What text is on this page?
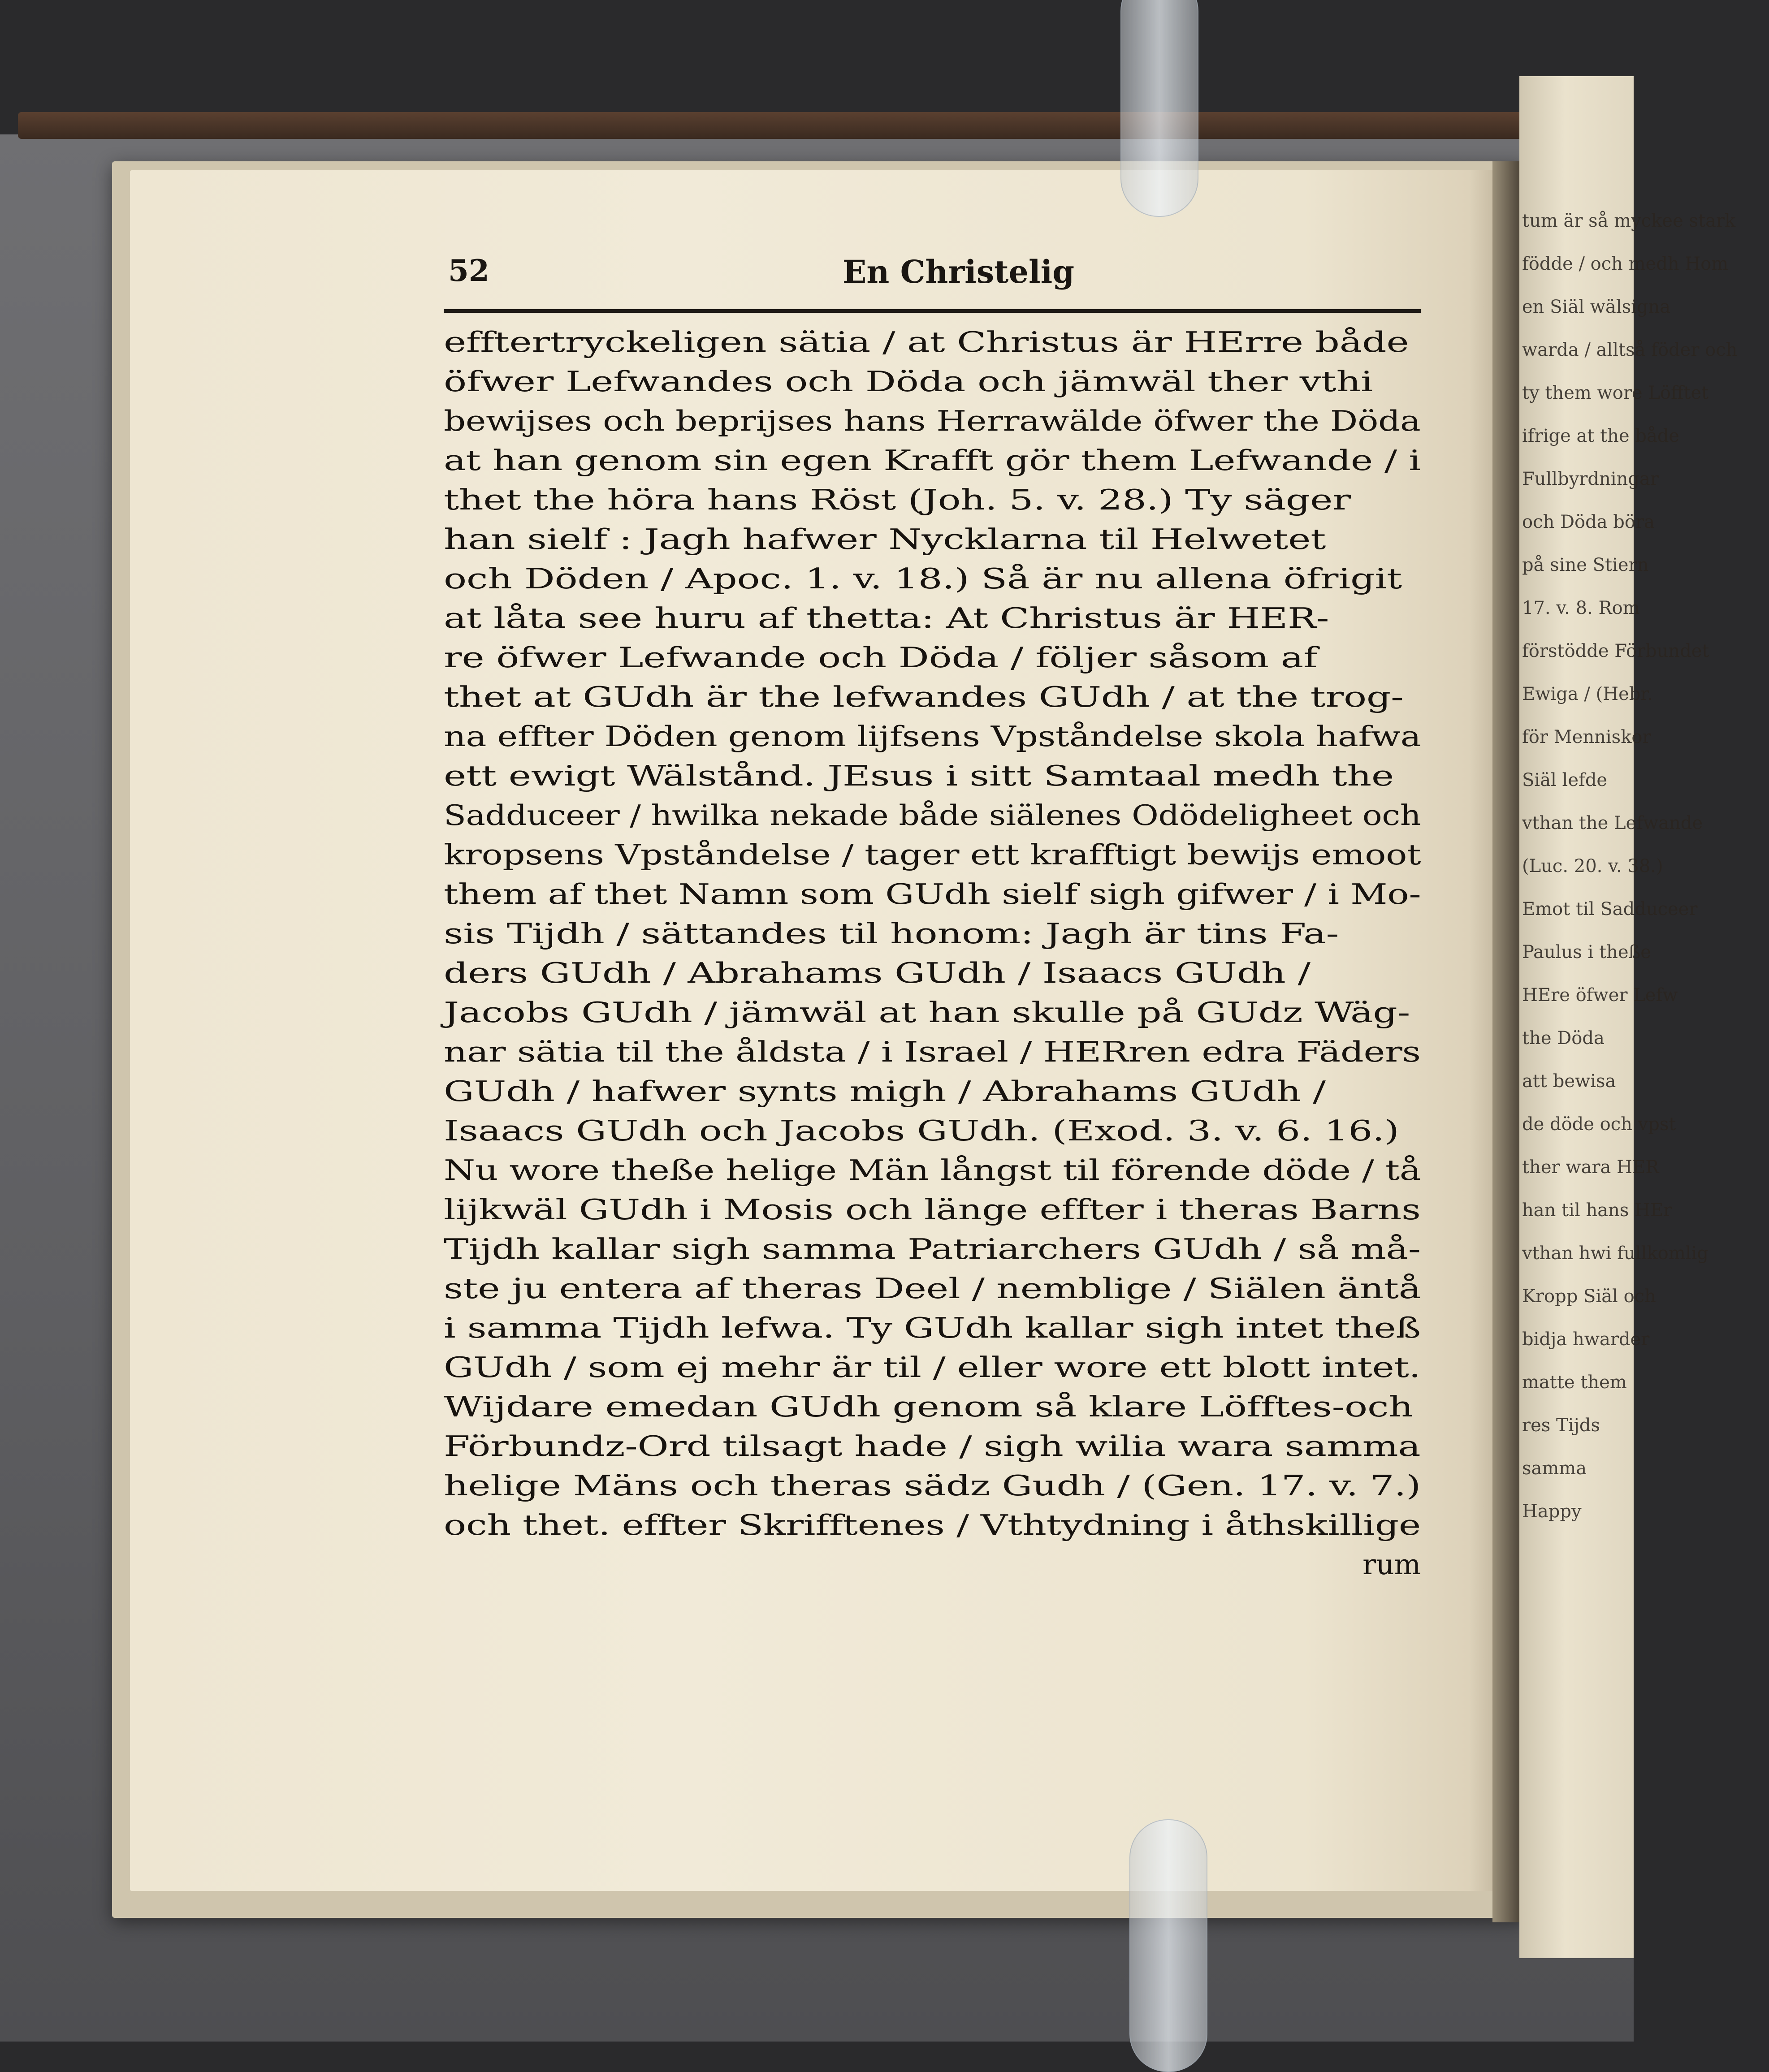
tum är så myckee stark
födde / och medh Hom
en Siäl wälsigna
warda / alltså föder och
ty them wore Löfftet
ifrige at the både
Fullbyrdningar
och Döda böra
på sine Stiern
17. v. 8. Rom
förstödde Förbundet
Ewiga / (Hebr.
för Menniskor
Siäl lefde
vthan the Lefwande
(Luc. 20. v. 38.)
Emot til Sadduceer
Paulus i theße
HEre öfwer Lefw
the Döda
att bewisa
de döde och vpst
ther wara HER
han til hans HEr
vthan hwi fullkomlig
Kropp Siäl och
bidja hwarder
matte them
res Tijds
samma
Happy
52	En Christelig
efftertryckeligen sätia / at Christus är HErre både
öfwer Lefwandes och Döda och jämwäl ther vthi
bewijses och beprijses hans Herrawälde öfwer the Döda
at han genom sin egen Krafft gör them Lefwande / i
thet the höra hans Röst (Joh. 5. v. 28.) Ty säger
han sielf : Jagh hafwer Nycklarna til Helwetet
och Döden / Apoc. 1. v. 18.) Så är nu allena öfrigit
at låta see huru af thetta: At Christus är HER-
re öfwer Lefwande och Döda / följer såsom af
thet at GUdh är the lefwandes GUdh / at the trog-
na effter Döden genom lijfsens Vpståndelse skola hafwa
ett ewigt Wälstånd. JEsus i sitt Samtaal medh the
Sadduceer / hwilka nekade både siälenes Odödeligheet och
kropsens Vpståndelse / tager ett krafftigt bewijs emoot
them af thet Namn som GUdh sielf sigh gifwer / i Mo-
sis Tijdh / sättandes til honom: Jagh är tins Fa-
ders GUdh / Abrahams GUdh / Isaacs GUdh /
Jacobs GUdh / jämwäl at han skulle på GUdz Wäg-
nar sätia til the åldsta / i Israel / HERren edra Fäders
GUdh / hafwer synts migh / Abrahams GUdh /
Isaacs GUdh och Jacobs GUdh. (Exod. 3. v. 6. 16.)
Nu wore theße helige Män långst til förende döde / tå
lijkwäl GUdh i Mosis och länge effter i theras Barns
Tijdh kallar sigh samma Patriarchers GUdh / så må-
ste ju entera af theras Deel / nemblige / Siälen äntå
i samma Tijdh lefwa. Ty GUdh kallar sigh intet theß
GUdh / som ej mehr är til / eller wore ett blott intet.
Wijdare emedan GUdh genom så klare Löfftes-och
Förbundz-Ord tilsagt hade / sigh wilia wara samma
helige Mäns och theras sädz Gudh / (Gen. 17. v. 7.)
och thet. effter Skrifftenes / Vthtydning i åthskillige
rum
